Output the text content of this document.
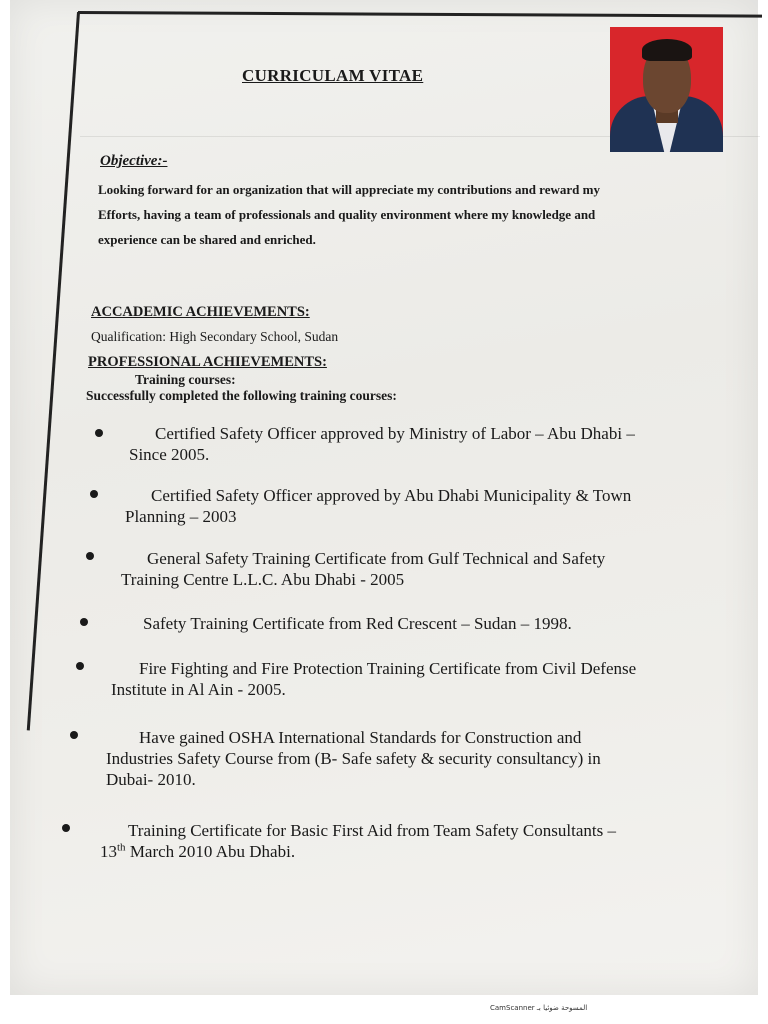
CURRICULAM VITAE
Objective:-
Looking forward for an organization that will appreciate my contributions and reward my
Efforts, having a team of professionals and quality environment where my knowledge and
experience can be shared and enriched.
ACCADEMIC ACHIEVEMENTS:
Qualification: High Secondary School, Sudan
PROFESSIONAL ACHIEVEMENTS:
Training courses:
Successfully completed the following training courses:
Certified Safety Officer approved by Ministry of Labor – Abu Dhabi –
Since 2005.
Certified Safety Officer approved by Abu Dhabi Municipality & Town
Planning – 2003
General Safety Training Certificate from Gulf Technical and Safety
Training Centre L.L.C. Abu Dhabi - 2005
Safety Training Certificate from Red Crescent – Sudan – 1998.
Fire Fighting and Fire Protection Training Certificate from Civil Defense
Institute in Al Ain - 2005.
Have gained OSHA International Standards for Construction and
Industries Safety Course from (B- Safe safety & security consultancy) in
Dubai- 2010.
Training Certificate for Basic First Aid from Team Safety Consultants –
13th March 2010 Abu Dhabi.
CamScanner المسوحة ضوئيا بـ
